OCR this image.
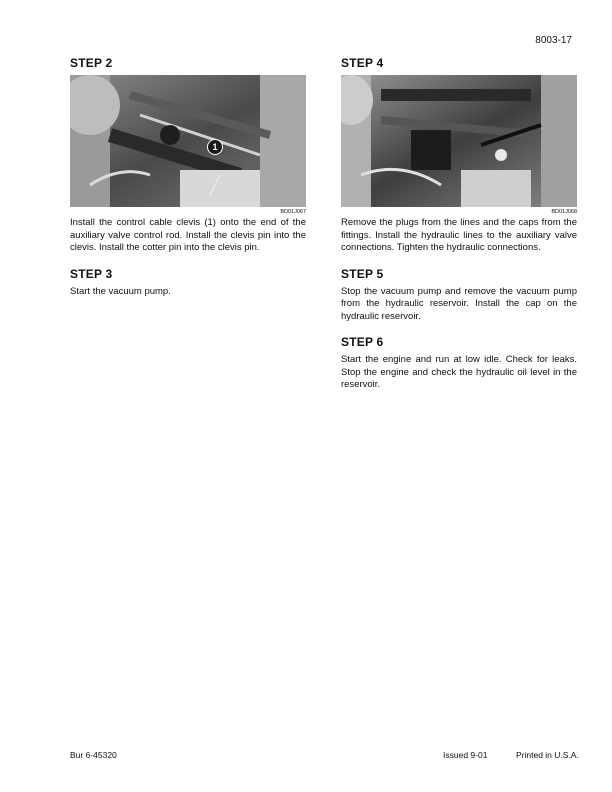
8003-17
STEP 2
1
BD01J067

Install the control cable clevis (1) onto the end of the auxiliary valve control rod. Install the clevis pin into the clevis. Install the cotter pin into the clevis pin.

STEP 3

Start the vacuum pump.

STEP 4
BD01J068

Remove the plugs from the lines and the caps from the fittings. Install the hydraulic lines to the auxiliary valve connections. Tighten the hydraulic connections.

STEP 5

Stop the vacuum pump and remove the vacuum pump from the hydraulic reservoir. Install the cap on the hydraulic reservoir.

STEP 6

Start the engine and run at low idle. Check for leaks. Stop the engine and check the hydraulic oil level in the reservoir.

Bur 6-45320	Issued 9-01	Printed in U.S.A.
